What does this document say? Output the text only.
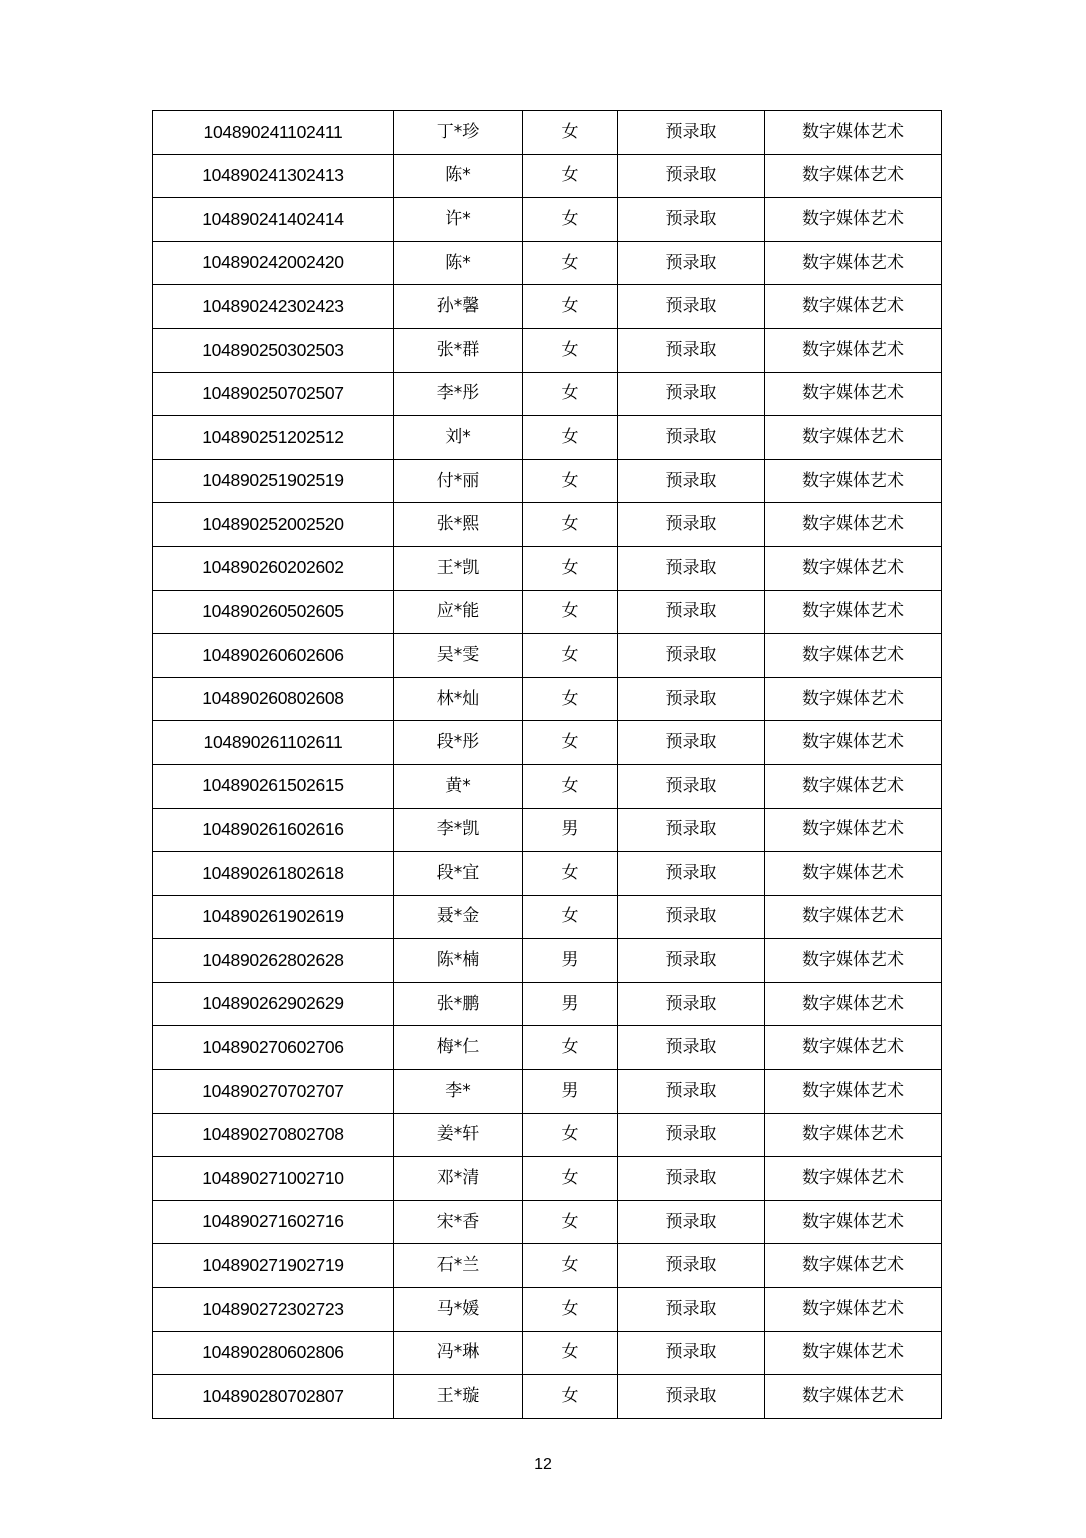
104890241102411	丁*珍	女	预录取	数字媒体艺术
104890241302413	陈*	女	预录取	数字媒体艺术
104890241402414	许*	女	预录取	数字媒体艺术
104890242002420	陈*	女	预录取	数字媒体艺术
104890242302423	孙*馨	女	预录取	数字媒体艺术
104890250302503	张*群	女	预录取	数字媒体艺术
104890250702507	李*彤	女	预录取	数字媒体艺术
104890251202512	刘*	女	预录取	数字媒体艺术
104890251902519	付*丽	女	预录取	数字媒体艺术
104890252002520	张*熙	女	预录取	数字媒体艺术
104890260202602	王*凯	女	预录取	数字媒体艺术
104890260502605	应*能	女	预录取	数字媒体艺术
104890260602606	吴*雯	女	预录取	数字媒体艺术
104890260802608	林*灿	女	预录取	数字媒体艺术
104890261102611	段*彤	女	预录取	数字媒体艺术
104890261502615	黄*	女	预录取	数字媒体艺术
104890261602616	李*凯	男	预录取	数字媒体艺术
104890261802618	段*宜	女	预录取	数字媒体艺术
104890261902619	聂*金	女	预录取	数字媒体艺术
104890262802628	陈*楠	男	预录取	数字媒体艺术
104890262902629	张*鹏	男	预录取	数字媒体艺术
104890270602706	梅*仁	女	预录取	数字媒体艺术
104890270702707	李*	男	预录取	数字媒体艺术
104890270802708	姜*轩	女	预录取	数字媒体艺术
104890271002710	邓*清	女	预录取	数字媒体艺术
104890271602716	宋*香	女	预录取	数字媒体艺术
104890271902719	石*兰	女	预录取	数字媒体艺术
104890272302723	马*媛	女	预录取	数字媒体艺术
104890280602806	冯*琳	女	预录取	数字媒体艺术
104890280702807	王*璇	女	预录取	数字媒体艺术
12
